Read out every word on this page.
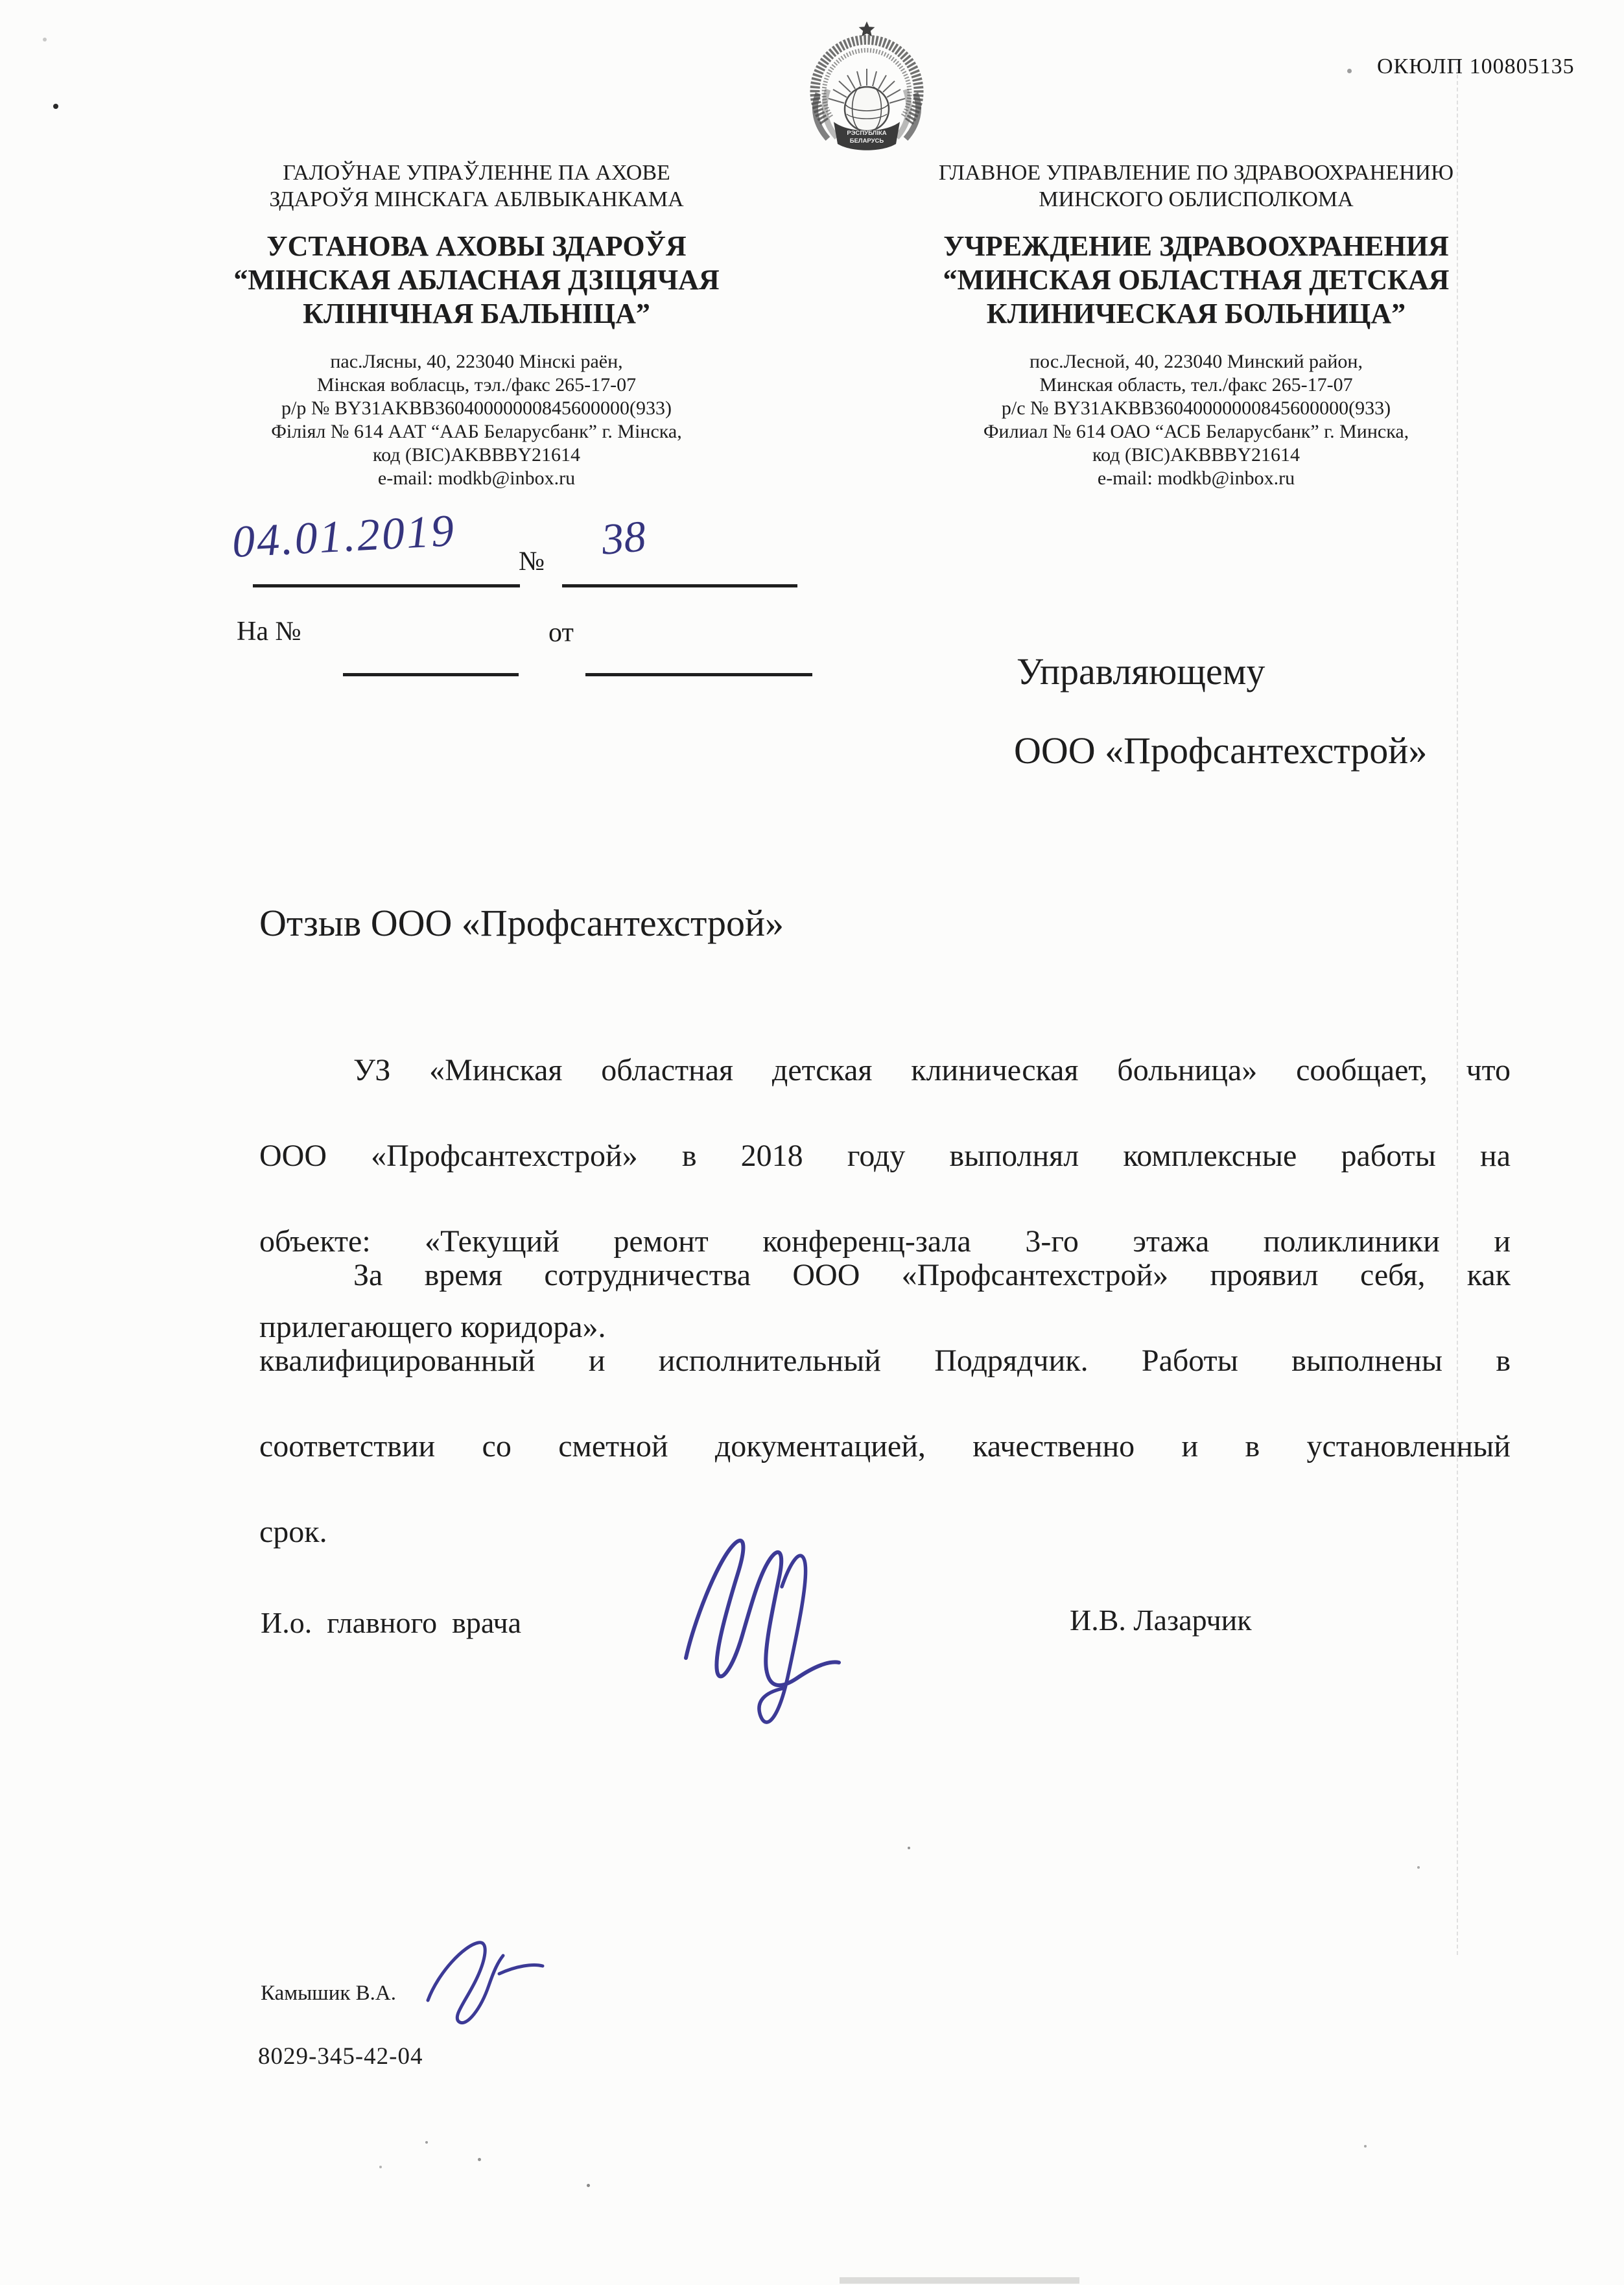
ОКЮЛП 100805135
РЭСПУБЛІКА
БЕЛАРУСЬ
ГАЛОЎНАЕ УПРАЎЛЕННЕ ПА АХОВЕ
ЗДАРОЎЯ МІНСКАГА АБЛВЫКАНКАМА
УСТАНОВА АХОВЫ ЗДАРОЎЯ
“МІНСКАЯ АБЛАСНАЯ ДЗІЦЯЧАЯ
КЛІНІЧНАЯ БАЛЬНІЦА”
пас.Лясны, 40, 223040 Мінскі раён,
Мінская вобласць, тэл./факс 265-17-07
р/р № BY31AKBB36040000000845600000(933)
Філіял № 614 ААТ “ААБ Беларусбанк” г. Мінска,
код (BIC)AKBBBY21614
e-mail: modkb@inbox.ru
ГЛАВНОЕ УПРАВЛЕНИЕ ПО ЗДРАВООХРАНЕНИЮ
МИНСКОГО ОБЛИСПОЛКОМА
УЧРЕЖДЕНИЕ ЗДРАВООХРАНЕНИЯ
“МИНСКАЯ ОБЛАСТНАЯ ДЕТСКАЯ
КЛИНИЧЕСКАЯ БОЛЬНИЦА”
пос.Лесной, 40, 223040 Минский район,
Минская область, тел./факс 265-17-07
р/с № BY31AKBB36040000000845600000(933)
Филиал № 614 ОАО “АСБ Беларусбанк” г. Минска,
код (BIC)AKBBBY21614
e-mail: modkb@inbox.ru
04.01.2019 № 38
На №	от
Управляющему
ООО «Профсантехстрой»
Отзыв ООО «Профсантехстрой»
УЗ «Минская областная детская клиническая больница» сообщает, что
ООО «Профсантехстрой» в 2018 году выполнял комплексные работы на
объекте: «Текущий ремонт конференц-зала 3-го этажа поликлиники и
прилегающего коридора».
За время сотрудничества ООО «Профсантехстрой» проявил себя, как
квалифицированный и исполнительный Подрядчик. Работы выполнены в
соответствии со сметной документацией, качественно и в установленный
срок.
И.о.  главного  врача	И.В. Лазарчик
Камышик В.А.
8029-345-42-04
